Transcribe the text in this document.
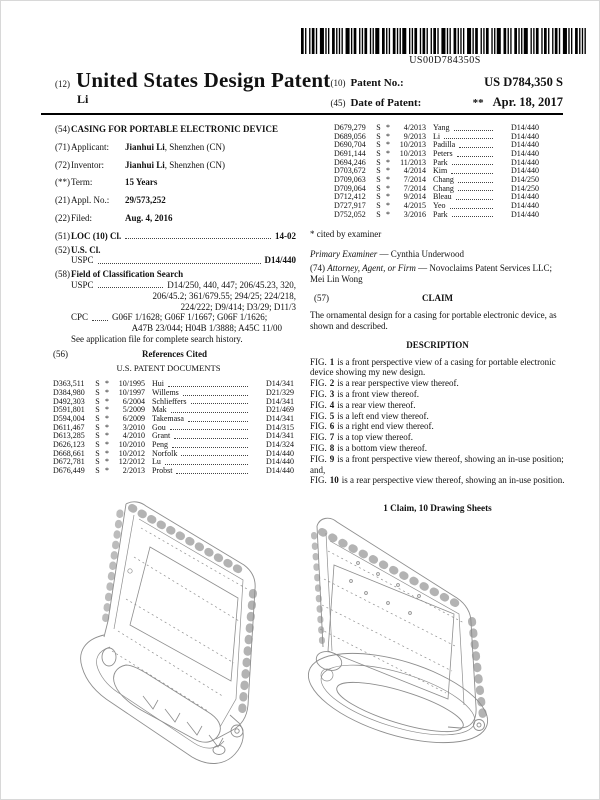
US00D784350S
(12) United States Design Patent
Li
(10) Patent No.:	US D784,350 S
(45) Date of Patent:	** Apr. 18, 2017
(54) CASING FOR PORTABLE ELECTRONIC DEVICE
(71) Applicant: Jianhui Li, Shenzhen (CN)
(72) Inventor: Jianhui Li, Shenzhen (CN)
(**) Term:	15 Years
(21) Appl. No.: 29/573,252
(22) Filed:	Aug. 4, 2016
(51) LOC (10) Cl.	14-02
(52) U.S. Cl.
USPC	D14/440
(58) Field of Classification Search
USPC	D14/250, 440, 447; 206/45.23, 320,
206/45.2; 361/679.55; 294/25; 224/218,
224/222; D9/414; D3/29; D11/3
CPC	G06F 1/1628; G06F 1/1667; G06F 1/1626;
A47B 23/044; H04B 1/3888; A45C 11/00
See application file for complete search history.
(56)	References Cited
U.S. PATENT DOCUMENTS
D363,511	S *	10/1995 Hui	D14/341
D384,980	S *	10/1997 Willems	D21/329
D492,303	S *	6/2004 Schlieffers	D14/341
D591,801	S *	5/2009 Mak	D21/469
D594,004	S *	6/2009 Takemasa	D14/341
D611,467	S *	3/2010 Gou	D14/315
D613,285	S *	4/2010 Grant	D14/341
D626,123	S *	10/2010 Peng	D14/324
D668,661	S *	10/2012 Norfolk	D14/440
D672,781	S *	12/2012 Lu	D14/440
D676,449	S *	2/2013 Probst	D14/440
D679,279	S *	4/2013 Yang	D14/440
D689,056	S *	9/2013 Li	D14/440
D690,704	S *	10/2013 Padilla	D14/440
D691,144	S *	10/2013 Peters	D14/440
D694,246	S *	11/2013 Park	D14/440
D703,672	S *	4/2014 Kim	D14/440
D709,063	S *	7/2014 Chang	D14/250
D709,064	S *	7/2014 Chang	D14/250
D712,412	S *	9/2014 Bleau	D14/440
D727,917	S *	4/2015 Yeo	D14/440
D752,052	S *	3/2016 Park	D14/440
* cited by examiner
Primary Examiner — Cynthia Underwood
(74) Attorney, Agent, or Firm — Novoclaims Patent Services LLC; Mei Lin Wong
(57)	CLAIM
The ornamental design for a casing for portable electronic device, as shown and described.
DESCRIPTION
FIG. 1 is a front perspective view of a casing for portable electronic device showing my new design.
FIG. 2 is a rear perspective view thereof.
FIG. 3 is a front view thereof.
FIG. 4 is a rear view thereof.
FIG. 5 is a left end view thereof.
FIG. 6 is a right end view thereof.
FIG. 7 is a top view thereof.
FIG. 8 is a bottom view thereof.
FIG. 9 is a front perspective view thereof, showing an in-use position; and,
FIG. 10 is a rear perspective view thereof, showing an in-use position.
1 Claim, 10 Drawing Sheets
